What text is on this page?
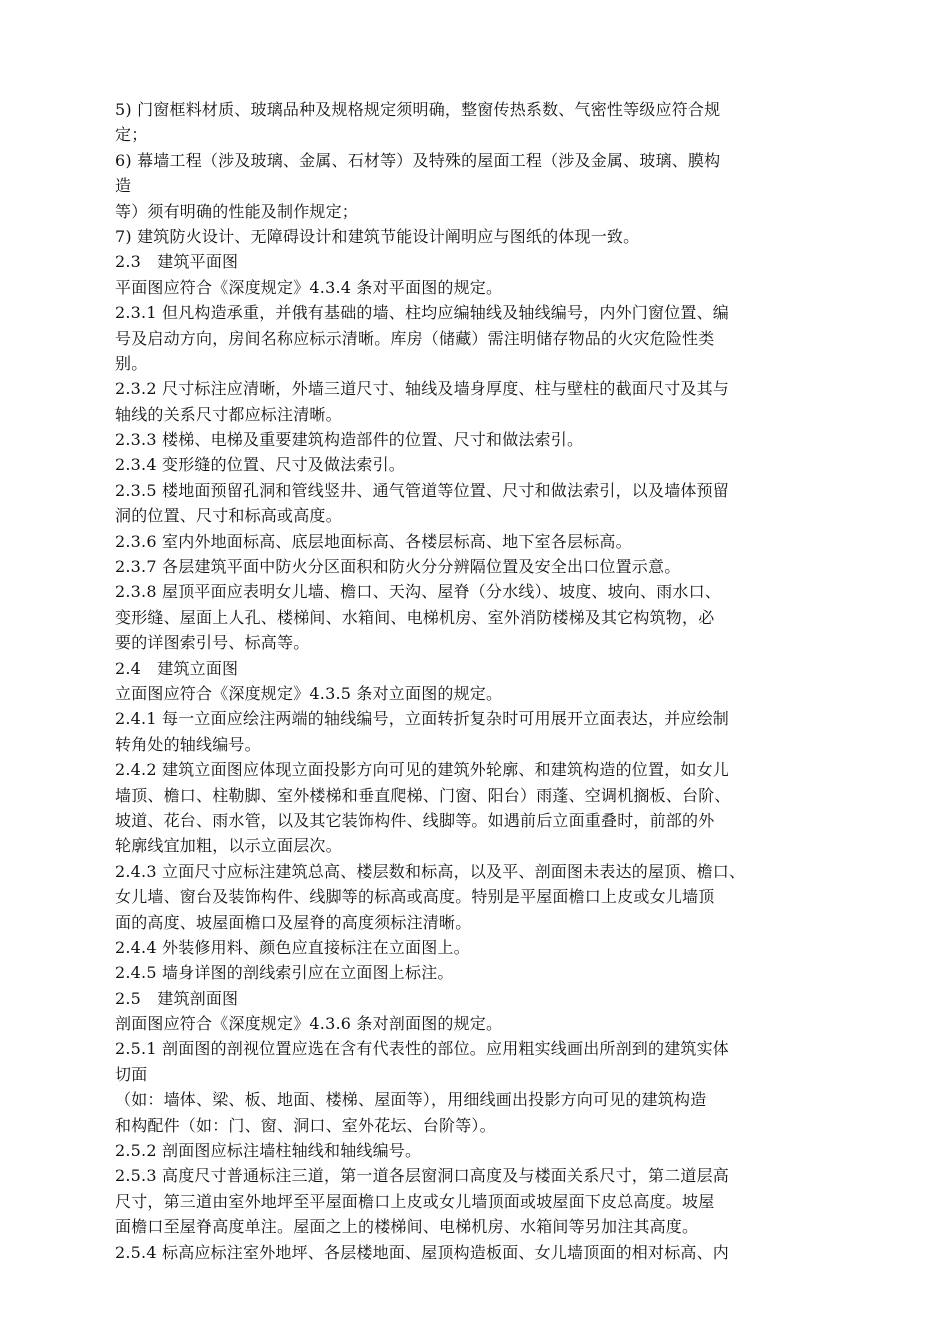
5) 门窗框料材质、玻璃品种及规格规定须明确，整窗传热系数、气密性等级应符合规
定；
6) 幕墙工程（涉及玻璃、金属、石材等）及特殊的屋面工程（涉及金属、玻璃、膜构
造
等）须有明确的性能及制作规定；
7) 建筑防火设计、无障碍设计和建筑节能设计阐明应与图纸的体现一致。
2.3　建筑平面图
平面图应符合《深度规定》4.3.4 条对平面图的规定。
2.3.1 但凡构造承重，并俄有基础的墙、柱均应编轴线及轴线编号，内外门窗位置、编
号及启动方向，房间名称应标示清晰。库房（储藏）需注明储存物品的火灾危险性类
别。
2.3.2 尺寸标注应清晰，外墙三道尺寸、轴线及墙身厚度、柱与壁柱的截面尺寸及其与
轴线的关系尺寸都应标注清晰。
2.3.3 楼梯、电梯及重要建筑构造部件的位置、尺寸和做法索引。
2.3.4 变形缝的位置、尺寸及做法索引。
2.3.5 楼地面预留孔洞和管线竖井、通气管道等位置、尺寸和做法索引，以及墙体预留
洞的位置、尺寸和标高或高度。
2.3.6 室内外地面标高、底层地面标高、各楼层标高、地下室各层标高。
2.3.7 各层建筑平面中防火分区面积和防火分分辨隔位置及安全出口位置示意。
2.3.8 屋顶平面应表明女儿墙、檐口、天沟、屋脊（分水线）、坡度、坡向、雨水口、
变形缝、屋面上人孔、楼梯间、水箱间、电梯机房、室外消防楼梯及其它构筑物，必
要的详图索引号、标高等。
2.4　建筑立面图
立面图应符合《深度规定》4.3.5 条对立面图的规定。
2.4.1 每一立面应绘注两端的轴线编号，立面转折复杂时可用展开立面表达，并应绘制
转角处的轴线编号。
2.4.2 建筑立面图应体现立面投影方向可见的建筑外轮廓、和建筑构造的位置，如女儿
墙顶、檐口、柱勒脚、室外楼梯和垂直爬梯、门窗、阳台）雨蓬、空调机搁板、台阶、
坡道、花台、雨水管，以及其它装饰构件、线脚等。如遇前后立面重叠时，前部的外
轮廓线宜加粗，以示立面层次。
2.4.3 立面尺寸应标注建筑总高、楼层数和标高，以及平、剖面图未表达的屋顶、檐口、
女儿墙、窗台及装饰构件、线脚等的标高或高度。特别是平屋面檐口上皮或女儿墙顶
面的高度、坡屋面檐口及屋脊的高度须标注清晰。
2.4.4 外装修用料、颜色应直接标注在立面图上。
2.4.5 墙身详图的剖线索引应在立面图上标注。
2.5　建筑剖面图
剖面图应符合《深度规定》4.3.6 条对剖面图的规定。
2.5.1 剖面图的剖视位置应选在含有代表性的部位。应用粗实线画出所剖到的建筑实体
切面
（如：墙体、梁、板、地面、楼梯、屋面等），用细线画出投影方向可见的建筑构造
和构配件（如：门、窗、洞口、室外花坛、台阶等）。
2.5.2 剖面图应标注墙柱轴线和轴线编号。
2.5.3 高度尺寸普通标注三道，第一道各层窗洞口高度及与楼面关系尺寸，第二道层高
尺寸，第三道由室外地坪至平屋面檐口上皮或女儿墙顶面或坡屋面下皮总高度。坡屋
面檐口至屋脊高度单注。屋面之上的楼梯间、电梯机房、水箱间等另加注其高度。
2.5.4 标高应标注室外地坪、各层楼地面、屋顶构造板面、女儿墙顶面的相对标高、内
